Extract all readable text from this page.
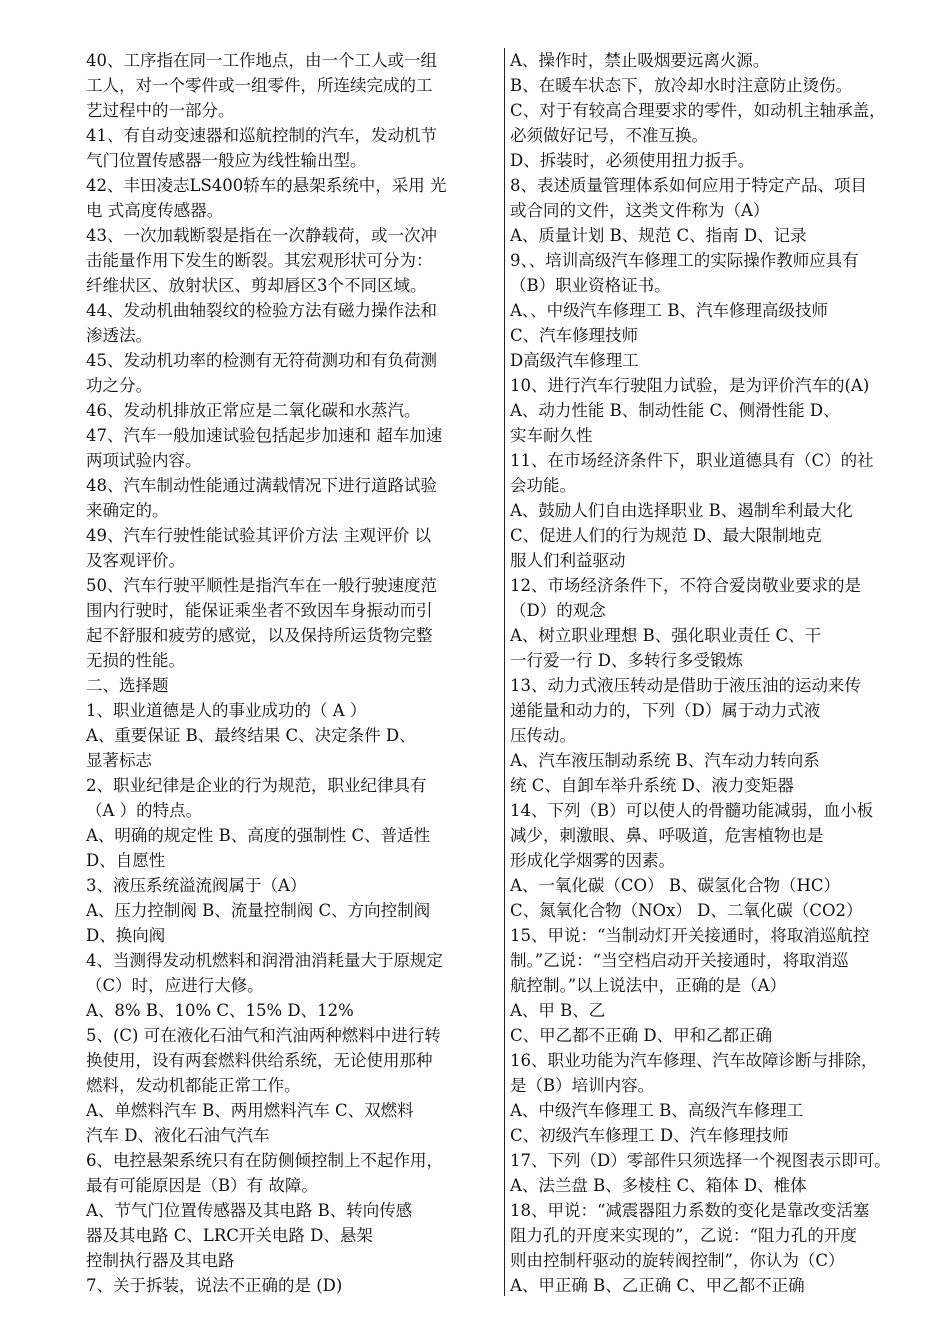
40、工序指在同一工作地点，由一个工人或一组
工人，对一个零件或一组零件，所连续完成的工
艺过程中的一部分。
41、有自动变速器和巡航控制的汽车，发动机节
气门位置传感器一般应为线性输出型。
42、丰田凌志LS400轿车的悬架系统中，采用 光
电 式高度传感器。
43、一次加载断裂是指在一次静载荷，或一次冲
击能量作用下发生的断裂。其宏观形状可分为：
纤维状区、放射状区、剪却唇区3个不同区域。
44、发动机曲轴裂纹的检验方法有磁力操作法和
渗透法。
45、发动机功率的检测有无符荷测功和有负荷测
功之分。
46、发动机排放正常应是二氧化碳和水蒸汽。
47、汽车一般加速试验包括起步加速和 超车加速
两项试验内容。
48、汽车制动性能通过满载情况下进行道路试验
来确定的。
49、汽车行驶性能试验其评价方法 主观评价 以
及客观评价。
50、汽车行驶平顺性是指汽车在一般行驶速度范
围内行驶时，能保证乘坐者不致因车身振动而引
起不舒服和疲劳的感觉，以及保持所运货物完整
无损的性能。
二、选择题
1、职业道德是人的事业成功的（ A ）
A、重要保证 B、最终结果 C、决定条件 D、
显著标志
2、职业纪律是企业的行为规范，职业纪律具有
（A ）的特点。
A、明确的规定性 B、高度的强制性 C、普适性
D、自愿性
3、液压系统溢流阀属于（A）
A、压力控制阀 B、流量控制阀 C、方向控制阀
D、换向阀
4、当测得发动机燃料和润滑油消耗量大于原规定
（C）时，应进行大修。
A、8% B、10% C、15% D、12%
5、(C) 可在液化石油气和汽油两种燃料中进行转
换使用，设有两套燃料供给系统，无论使用那种
燃料，发动机都能正常工作。
A、单燃料汽车 B、两用燃料汽车 C、双燃料
汽车 D、液化石油气汽车
6、电控悬架系统只有在防侧倾控制上不起作用，
最有可能原因是（B）有 故障。
A、节气门位置传感器及其电路 B、转向传感
器及其电路 C、LRC开关电路 D、悬架
控制执行器及其电路
7、关于拆装，说法不正确的是 (D)
A、操作时，禁止吸烟要远离火源。
B、在暖车状态下，放冷却水时注意防止烫伤。
C、对于有较高合理要求的零件，如动机主轴承盖，
必须做好记号，不准互换。
D、拆装时，必须使用扭力扳手。
8、表述质量管理体系如何应用于特定产品、项目
或合同的文件，这类文件称为（A）
A、质量计划 B、规范 C、指南 D、记录
9、、培训高级汽车修理工的实际操作教师应具有
（B）职业资格证书。
A、、中级汽车修理工 B、汽车修理高级技师
C、汽车修理技师
D高级汽车修理工
10、进行汽车行驶阻力试验，是为评价汽车的(A)
A、动力性能 B、制动性能 C、侧滑性能 D、
实车耐久性
11、在市场经济条件下，职业道德具有（C）的社
会功能。
A、鼓励人们自由选择职业 B、遏制牟利最大化
C、促进人们的行为规范 D、最大限制地克
服人们利益驱动
12、市场经济条件下，不符合爱岗敬业要求的是
（D）的观念
A、树立职业理想 B、强化职业责任 C、干
一行爱一行 D、多转行多受锻炼
13、动力式液压转动是借助于液压油的运动来传
递能量和动力的，下列（D）属于动力式液
压传动。
A、汽车液压制动系统 B、汽车动力转向系
统 C、自卸车举升系统 D、液力变矩器
14、下列（B）可以使人的骨髓功能减弱，血小板
减少，刺激眼、鼻、呼吸道，危害植物也是
形成化学烟雾的因素。
A、一氧化碳（CO） B、碳氢化合物（HC）
C、氮氧化合物（NOx） D、二氧化碳（CO2）
15、甲说：“当制动灯开关接通时，将取消巡航控
制。”乙说：“当空档启动开关接通时，将取消巡
航控制。”以上说法中，正确的是（A）
A、甲 B、乙
C、甲乙都不正确 D、甲和乙都正确
16、职业功能为汽车修理、汽车故障诊断与排除，
是（B）培训内容。
A、中级汽车修理工 B、高级汽车修理工
C、初级汽车修理工 D、汽车修理技师
17、下列（D）零部件只须选择一个视图表示即可。
A、法兰盘 B、多棱柱 C、箱体 D、椎体
18、甲说：“减震器阻力系数的变化是靠改变活塞
阻力孔的开度来实现的”，乙说：“阻力孔的开度
则由控制杆驱动的旋转阀控制”，你认为（C）
A、甲正确 B、乙正确 C、甲乙都不正确
